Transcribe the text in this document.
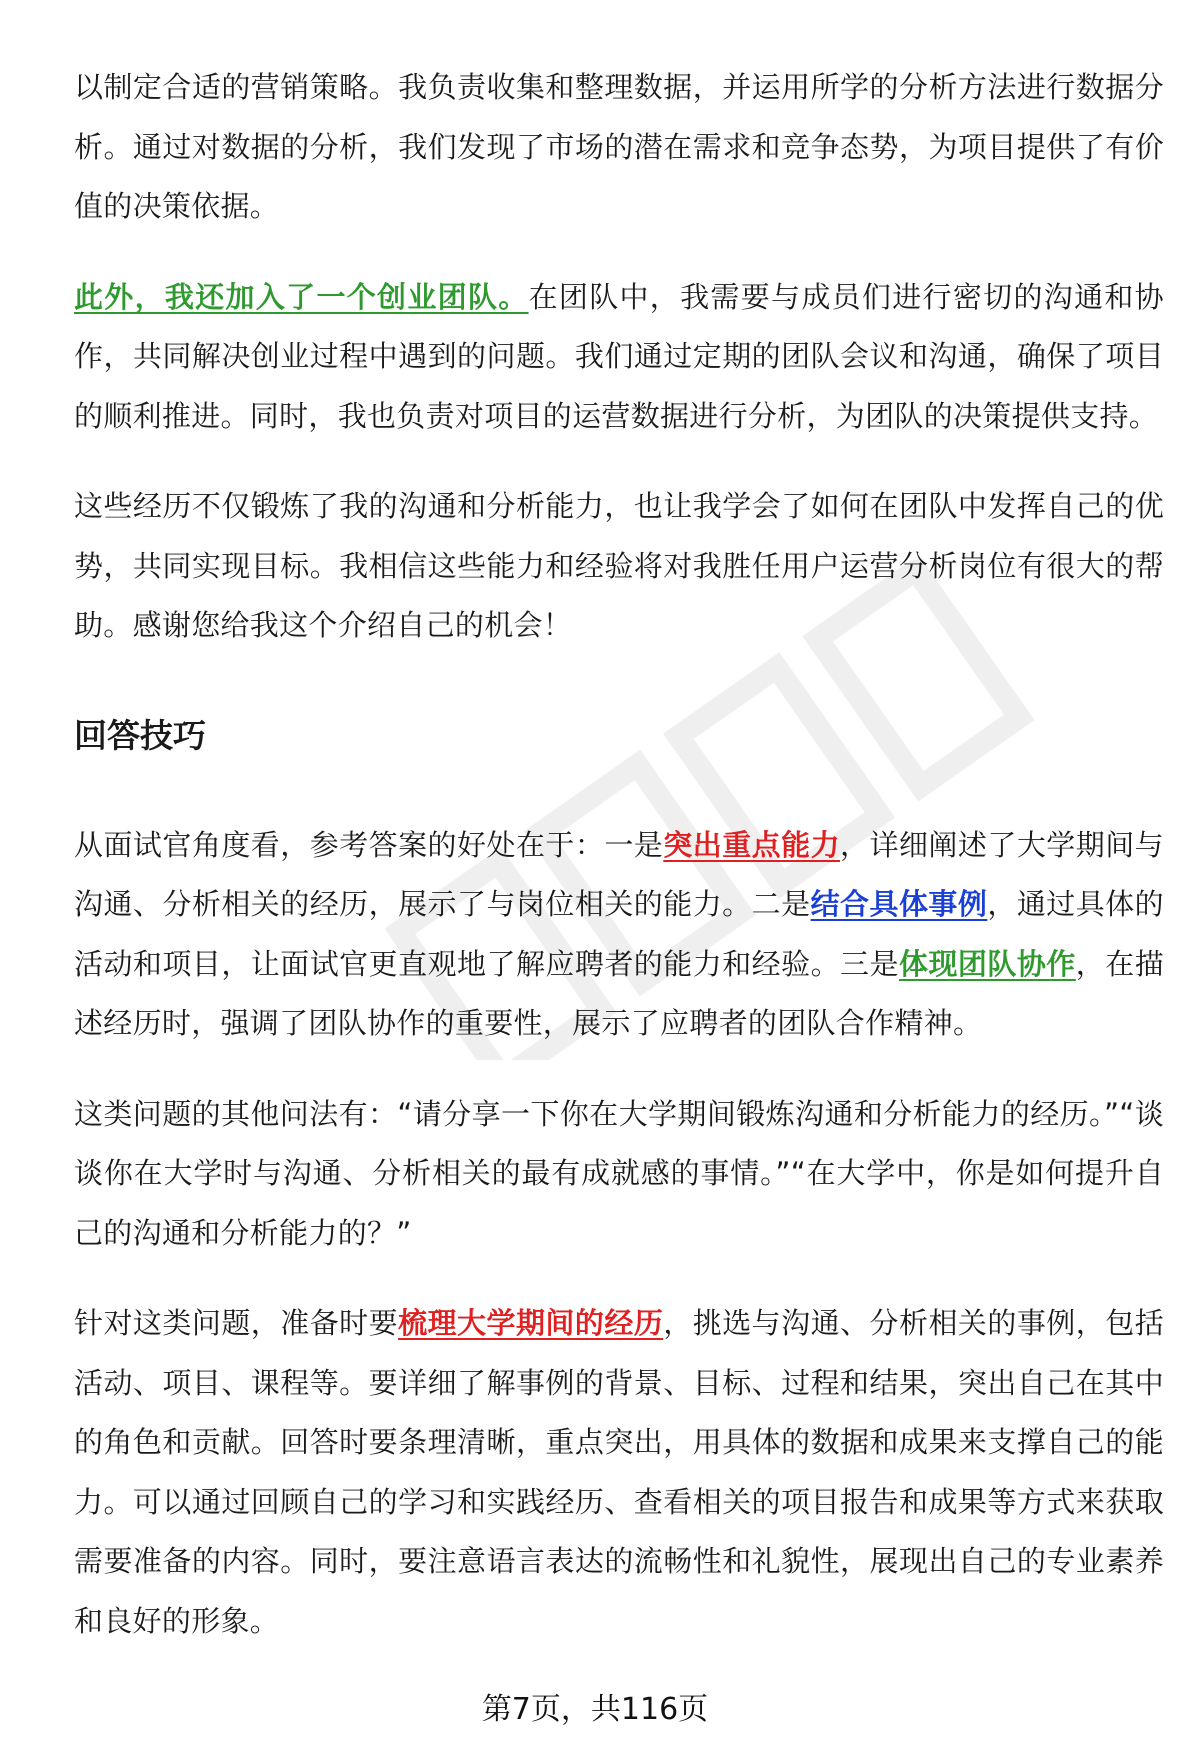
以制定合适的营销策略。我负责收集和整理数据，并运用所学的分析方法进行数据分析。通过对数据的分析，我们发现了市场的潜在需求和竞争态势，为项目提供了有价值的决策依据。

此外，我还加入了一个创业团队。在团队中，我需要与成员们进行密切的沟通和协作，共同解决创业过程中遇到的问题。我们通过定期的团队会议和沟通，确保了项目的顺利推进。同时，我也负责对项目的运营数据进行分析，为团队的决策提供支持。

这些经历不仅锻炼了我的沟通和分析能力，也让我学会了如何在团队中发挥自己的优势，共同实现目标。我相信这些能力和经验将对我胜任用户运营分析岗位有很大的帮助。感谢您给我这个介绍自己的机会！

回答技巧

从面试官角度看，参考答案的好处在于：一是突出重点能力，详细阐述了大学期间与沟通、分析相关的经历，展示了与岗位相关的能力。二是结合具体事例，通过具体的活动和项目，让面试官更直观地了解应聘者的能力和经验。三是体现团队协作，在描述经历时，强调了团队协作的重要性，展示了应聘者的团队合作精神。

这类问题的其他问法有：“请分享一下你在大学期间锻炼沟通和分析能力的经历。”“谈谈你在大学时与沟通、分析相关的最有成就感的事情。”“在大学中，你是如何提升自己的沟通和分析能力的？”

针对这类问题，准备时要梳理大学期间的经历，挑选与沟通、分析相关的事例，包括活动、项目、课程等。要详细了解事例的背景、目标、过程和结果，突出自己在其中的角色和贡献。回答时要条理清晰，重点突出，用具体的数据和成果来支撑自己的能力。可以通过回顾自己的学习和实践经历、查看相关的项目报告和成果等方式来获取需要准备的内容。同时，要注意语言表达的流畅性和礼貌性，展现出自己的专业素养和良好的形象。

第7页，共116页
